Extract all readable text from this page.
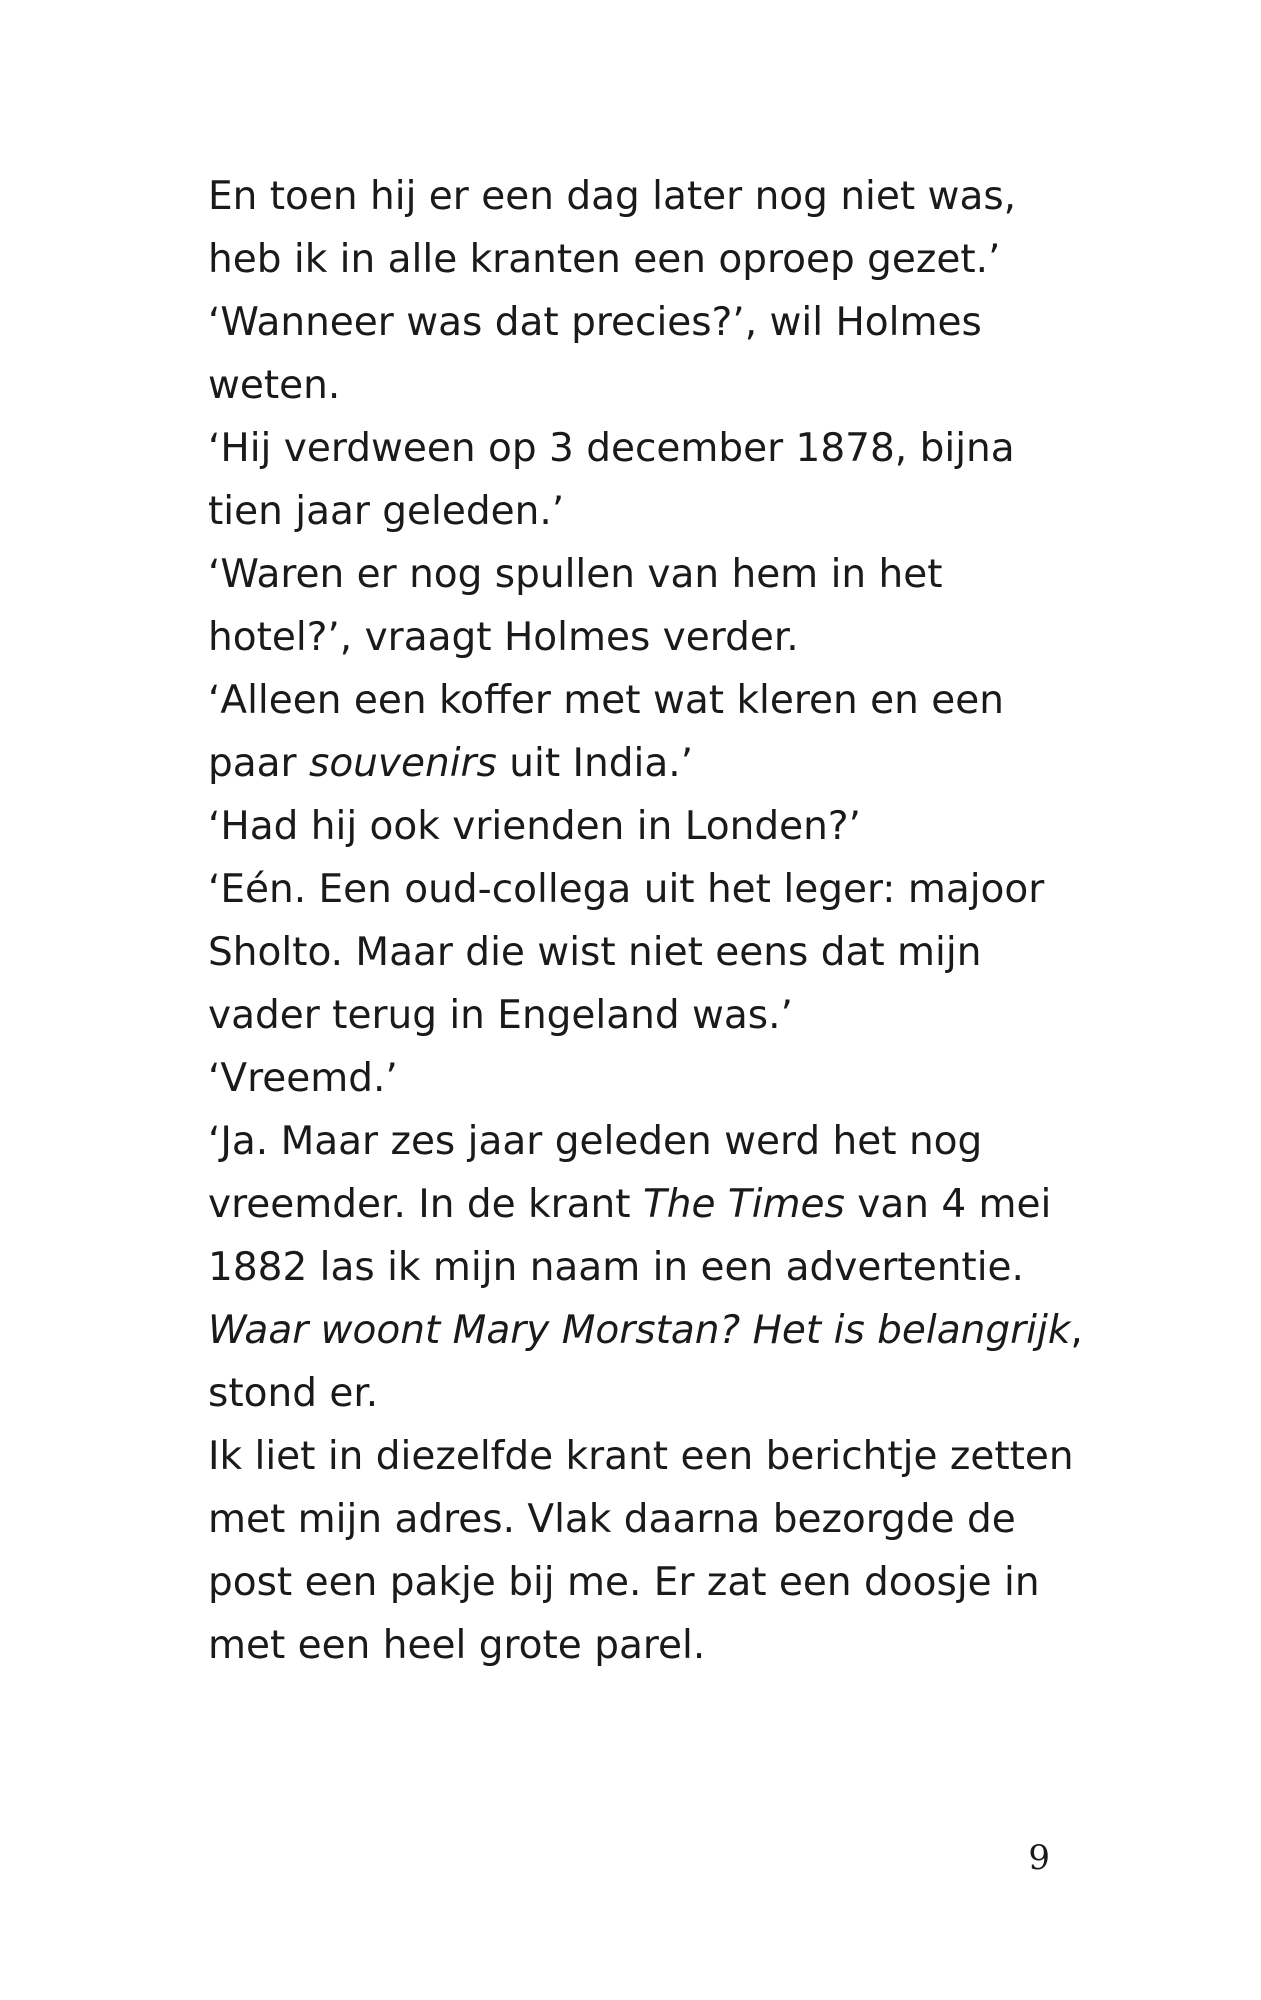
En toen hij er een dag later nog niet was,
heb ik in alle kranten een oproep gezet.’
‘Wanneer was dat precies?’, wil Holmes
weten.
‘Hij verdween op 3 december 1878, bijna
tien jaar geleden.’
‘Waren er nog spullen van hem in het
hotel?’, vraagt Holmes verder.
‘Alleen een koffer met wat kleren en een
paar souvenirs uit India.’
‘Had hij ook vrienden in Londen?’
‘Eén. Een oud-collega uit het leger: majoor
Sholto. Maar die wist niet eens dat mijn
vader terug in Engeland was.’
‘Vreemd.’
‘Ja. Maar zes jaar geleden werd het nog
vreemder. In de krant The Times van 4 mei
1882 las ik mijn naam in een advertentie.
Waar woont Mary Morstan? Het is belangrijk,
stond er.
Ik liet in diezelfde krant een berichtje zetten
met mijn adres. Vlak daarna bezorgde de
post een pakje bij me. Er zat een doosje in
met een heel grote parel.
9
